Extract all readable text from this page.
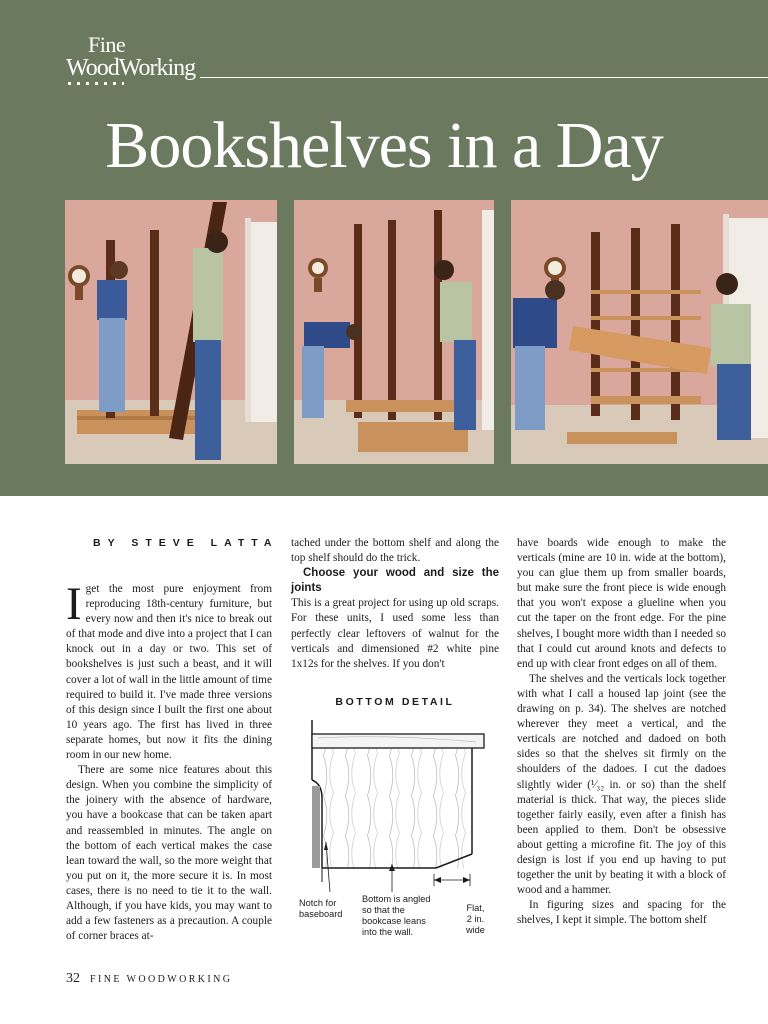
Fine
WoodWorking
Bookshelves in a Day
BY STEVE LATTA

Iget the most pure enjoyment from reproducing 18th-century furniture, but every now and then it's nice to break out of that mode and dive into a project that I can knock out in a day or two. This set of bookshelves is just such a beast, and it will cover a lot of wall in the little amount of time required to build it. I've made three versions of this design since I built the first one about 10 years ago. The first has lived in three separate homes, but now it fits the dining room in our new home.

There are some nice features about this design. When you combine the simplicity of the joinery with the absence of hardware, you have a bookcase that can be taken apart and reassembled in minutes. The angle on the bottom of each vertical makes the case lean toward the wall, so the more weight that you put on it, the more secure it is. In most cases, there is no need to tie it to the wall. Although, if you have kids, you may want to add a few fasteners as a precaution. A couple of corner braces at-

tached under the bottom shelf and along the top shelf should do the trick.

Choose your wood and size the joints

This is a great project for using up old scraps. For these units, I used some less than perfectly clear leftovers of walnut for the verticals and dimensioned #2 white pine 1x12s for the shelves. If you don't

BOTTOM DETAIL
Notch for
baseboard
Bottom is angled
so that the
bookcase leans
into the wall.
Flat,
2 in.
wide

have boards wide enough to make the verticals (mine are 10 in. wide at the bottom), you can glue them up from smaller boards, but make sure the front piece is wide enough that you won't expose a glueline when you cut the taper on the front edge. For the pine shelves, I bought more width than I needed so that I could cut around knots and defects to end up with clear front edges on all of them.

The shelves and the verticals lock together with what I call a housed lap joint (see the drawing on p. 34). The shelves are notched wherever they meet a vertical, and the verticals are notched and dadoed on both sides so that the shelves sit firmly on the shoulders of the dadoes. I cut the dadoes slightly wider (¹⁄₃₂ in. or so) than the shelf material is thick. That way, the pieces slide together fairly easily, even after a finish has been applied to them. Don't be obsessive about getting a microfine fit. The joy of this design is lost if you end up having to put together the unit by beating it with a block of wood and a hammer.

In figuring sizes and spacing for the shelves, I kept it simple. The bottom shelf

32 FINE WOODWORKING
